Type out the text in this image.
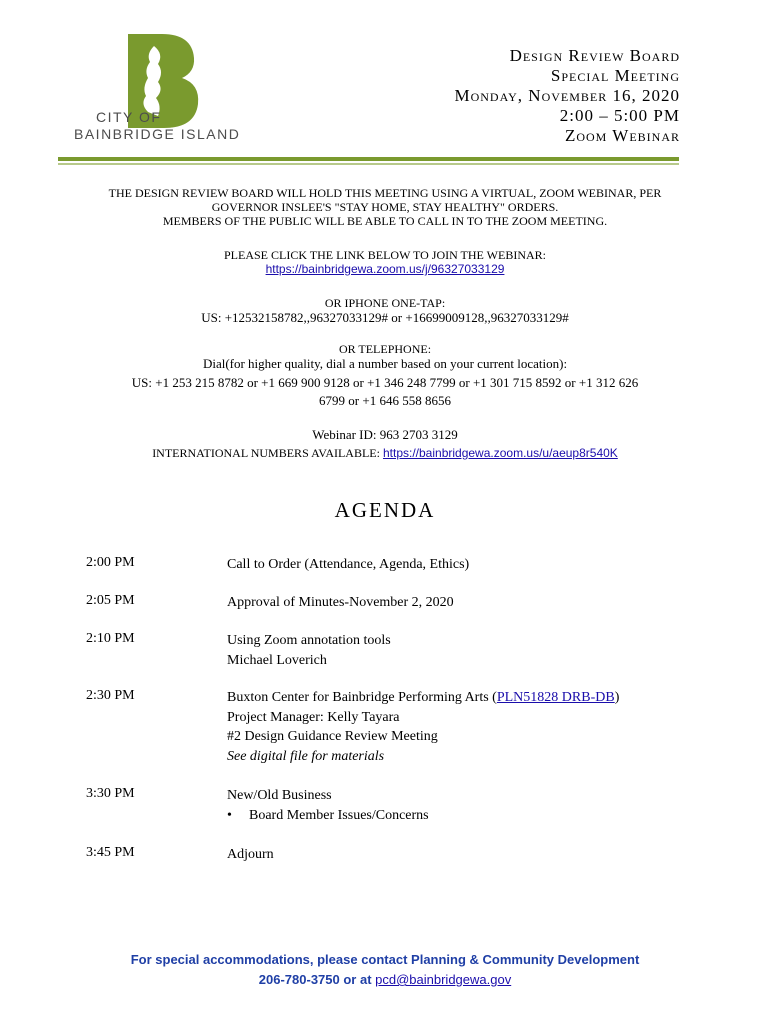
CITY OF
BAINBRIDGE ISLAND
Design Review Board
Special Meeting
Monday, November 16, 2020
2:00 – 5:00 PM
Zoom Webinar
THE DESIGN REVIEW BOARD WILL HOLD THIS MEETING USING A VIRTUAL, ZOOM WEBINAR, PER
GOVERNOR INSLEE'S "STAY HOME, STAY HEALTHY" ORDERS.
MEMBERS OF THE PUBLIC WILL BE ABLE TO CALL IN TO THE ZOOM MEETING.
PLEASE CLICK THE LINK BELOW TO JOIN THE WEBINAR:
https://bainbridgewa.zoom.us/j/96327033129
OR IPHONE ONE-TAP:
US: +12532158782,,96327033129# or +16699009128,,96327033129#
OR TELEPHONE:
Dial(for higher quality, dial a number based on your current location):
US: +1 253 215 8782 or +1 669 900 9128 or +1 346 248 7799 or +1 301 715 8592 or +1 312 626
6799 or +1 646 558 8656
Webinar ID: 963 2703 3129
INTERNATIONAL NUMBERS AVAILABLE: https://bainbridgewa.zoom.us/u/aeup8r540K
AGENDA
2:00 PM	Call to Order (Attendance, Agenda, Ethics)
2:05 PM	Approval of Minutes-November 2, 2020
2:10 PM	Using Zoom annotation tools
Michael Loverich
2:30 PM	Buxton Center for Bainbridge Performing Arts (PLN51828 DRB-DB)
Project Manager: Kelly Tayara
#2 Design Guidance Review Meeting
See digital file for materials
3:30 PM	New/Old Business
•	Board Member Issues/Concerns
3:45 PM	Adjourn
For special accommodations, please contact Planning & Community Development
206-780-3750 or at pcd@bainbridgewa.gov
